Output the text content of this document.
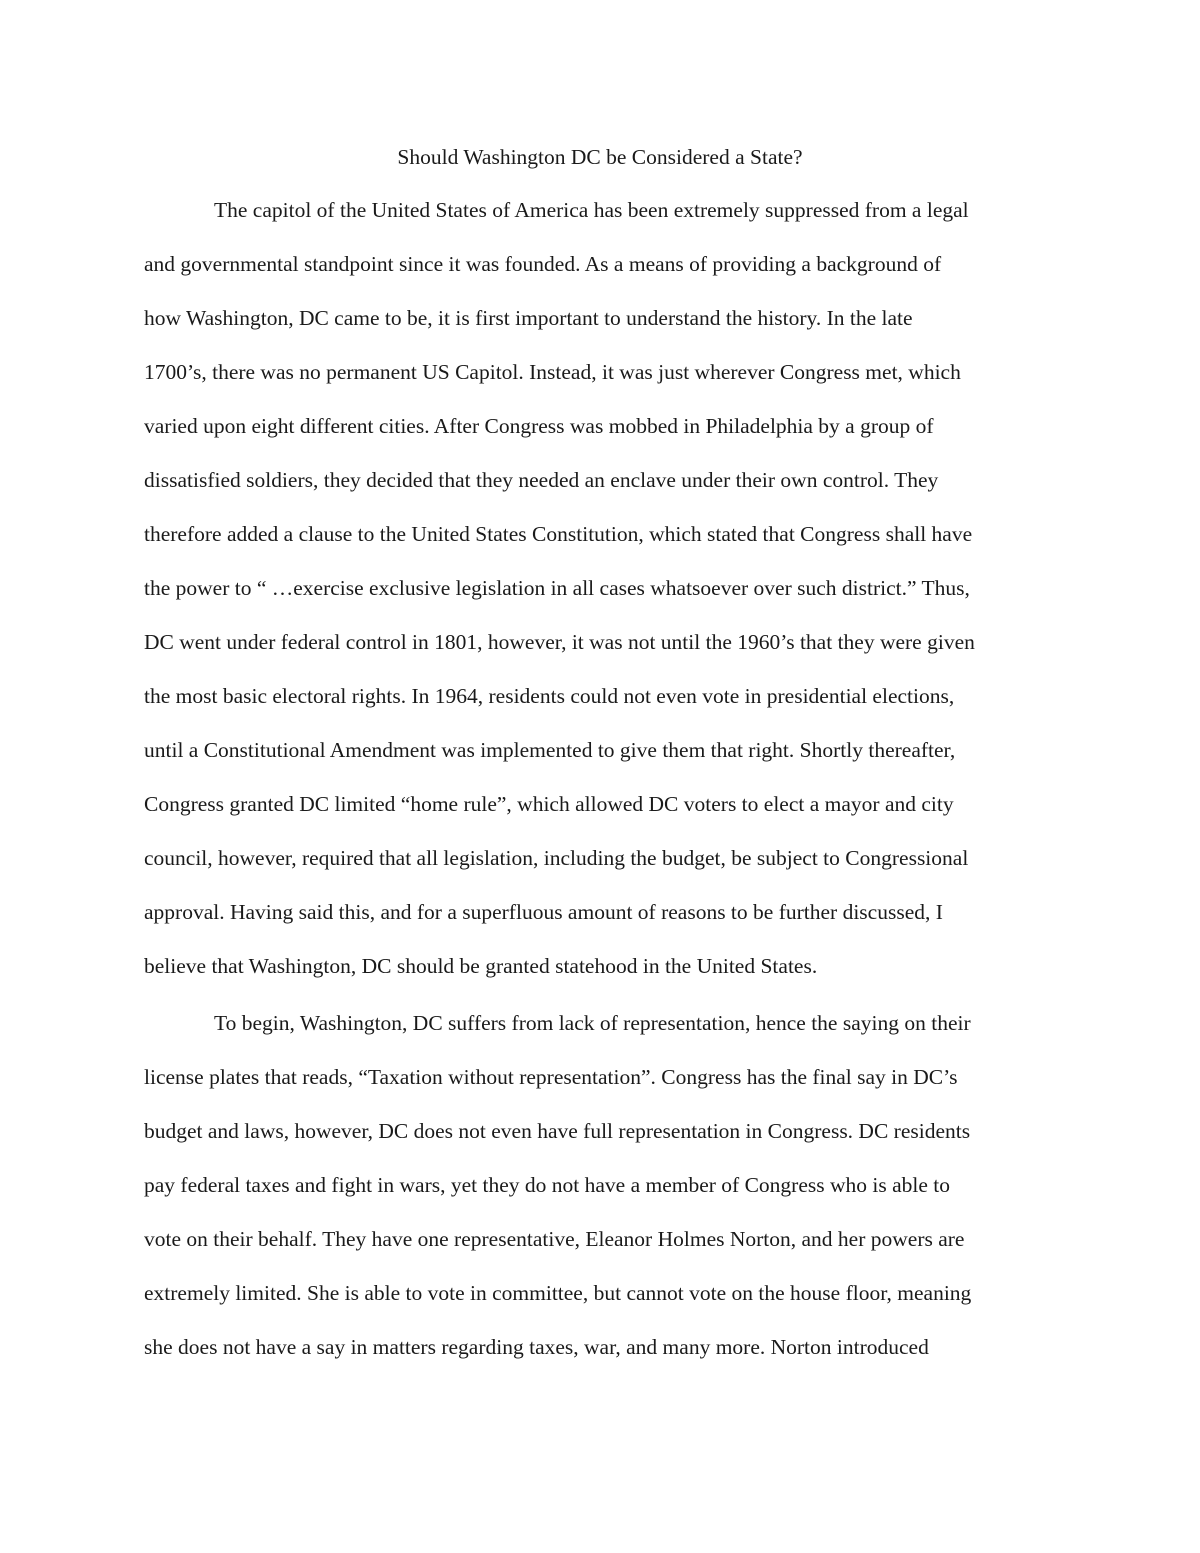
Should Washington DC be Considered a State?
The capitol of the United States of America has been extremely suppressed from a legal
and governmental standpoint since it was founded. As a means of providing a background of
how Washington, DC came to be, it is first important to understand the history. In the late
1700’s, there was no permanent US Capitol. Instead, it was just wherever Congress met, which
varied upon eight different cities. After Congress was mobbed in Philadelphia by a group of
dissatisfied soldiers, they decided that they needed an enclave under their own control. They
therefore added a clause to the United States Constitution, which stated that Congress shall have
the power to “ …exercise exclusive legislation in all cases whatsoever over such district.” Thus,
DC went under federal control in 1801, however, it was not until the 1960’s that they were given
the most basic electoral rights. In 1964, residents could not even vote in presidential elections,
until a Constitutional Amendment was implemented to give them that right. Shortly thereafter,
Congress granted DC limited “home rule”, which allowed DC voters to elect a mayor and city
council, however, required that all legislation, including the budget, be subject to Congressional
approval. Having said this, and for a superfluous amount of reasons to be further discussed, I
believe that Washington, DC should be granted statehood in the United States.
To begin, Washington, DC suffers from lack of representation, hence the saying on their
license plates that reads, “Taxation without representation”. Congress has the final say in DC’s
budget and laws, however, DC does not even have full representation in Congress. DC residents
pay federal taxes and fight in wars, yet they do not have a member of Congress who is able to
vote on their behalf. They have one representative, Eleanor Holmes Norton, and her powers are
extremely limited. She is able to vote in committee, but cannot vote on the house floor, meaning
she does not have a say in matters regarding taxes, war, and many more. Norton introduced
